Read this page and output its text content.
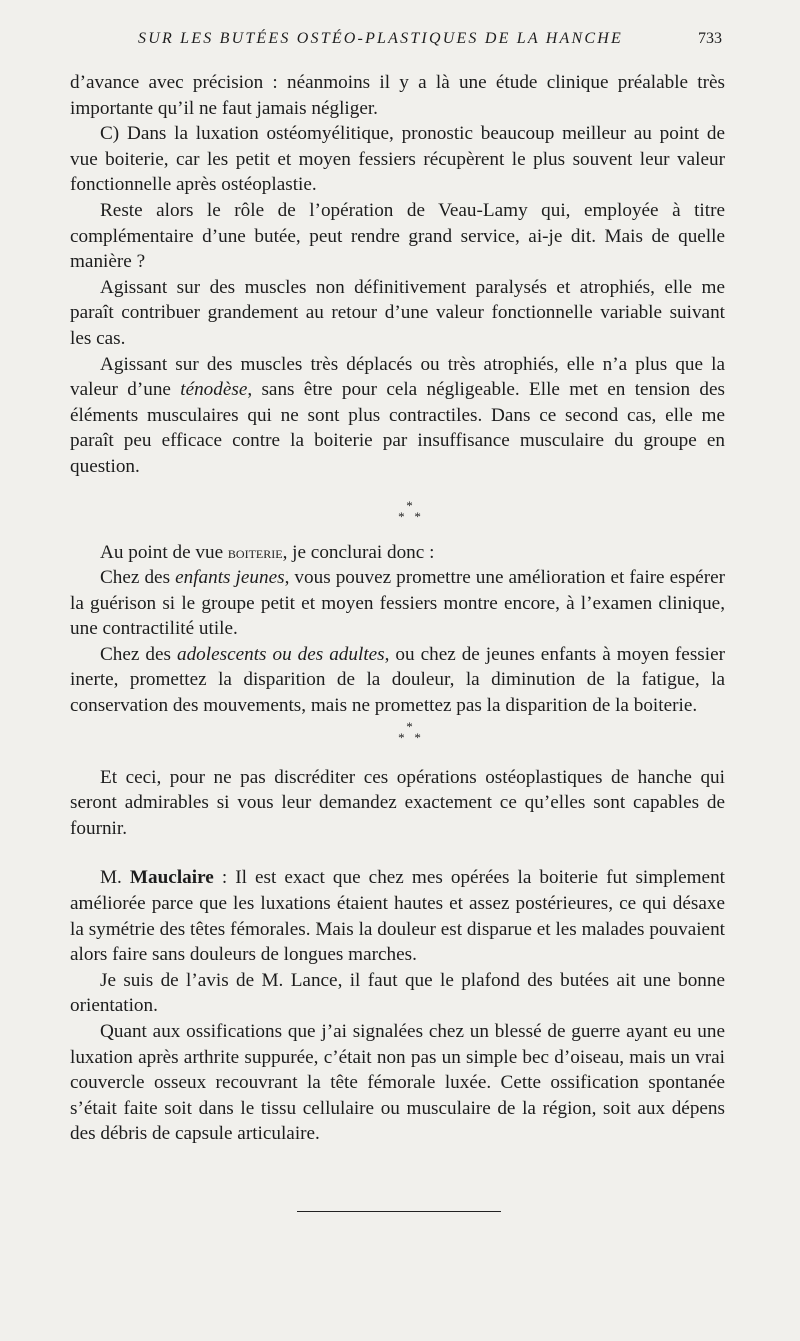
SUR LES BUTÉES OSTÉO-PLASTIQUES DE LA HANCHE	733

d’avance avec précision : néanmoins il y a là une étude clinique préalable très importante qu’il ne faut jamais négliger.

C) Dans la luxation ostéomyélitique, pronostic beaucoup meilleur au point de vue boiterie, car les petit et moyen fessiers récupèrent le plus souvent leur valeur fonctionnelle après ostéoplastie.

Reste alors le rôle de l’opération de Veau-Lamy qui, employée à titre complémentaire d’une butée, peut rendre grand service, ai-je dit. Mais de quelle manière ?

Agissant sur des muscles non définitivement paralysés et atrophiés, elle me paraît contribuer grandement au retour d’une valeur fonctionnelle variable suivant les cas.

Agissant sur des muscles très déplacés ou très atrophiés, elle n’a plus que la valeur d’une ténodèse, sans être pour cela négligeable. Elle met en tension des éléments musculaires qui ne sont plus contractiles. Dans ce second cas, elle me paraît peu efficace contre la boiterie par insuffisance musculaire du groupe en question.

*
* *

Au point de vue boiterie, je conclurai donc :

Chez des enfants jeunes, vous pouvez promettre une amélioration et faire espérer la guérison si le groupe petit et moyen fessiers montre encore, à l’examen clinique, une contractilité utile.

Chez des adolescents ou des adultes, ou chez de jeunes enfants à moyen fessier inerte, promettez la disparition de la douleur, la diminution de la fatigue, la conservation des mouvements, mais ne promettez pas la disparition de la boiterie.

*
* *

Et ceci, pour ne pas discréditer ces opérations ostéoplastiques de hanche qui seront admirables si vous leur demandez exactement ce qu’elles sont capables de fournir.

M. Mauclaire : Il est exact que chez mes opérées la boiterie fut simplement améliorée parce que les luxations étaient hautes et assez postérieures, ce qui désaxe la symétrie des têtes fémorales. Mais la douleur est disparue et les malades pouvaient alors faire sans douleurs de longues marches.

Je suis de l’avis de M. Lance, il faut que le plafond des butées ait une bonne orientation.

Quant aux ossifications que j’ai signalées chez un blessé de guerre ayant eu une luxation après arthrite suppurée, c’était non pas un simple bec d’oiseau, mais un vrai couvercle osseux recouvrant la tête fémorale luxée. Cette ossification spontanée s’était faite soit dans le tissu cellulaire ou musculaire de la région, soit aux dépens des débris de capsule articulaire.
